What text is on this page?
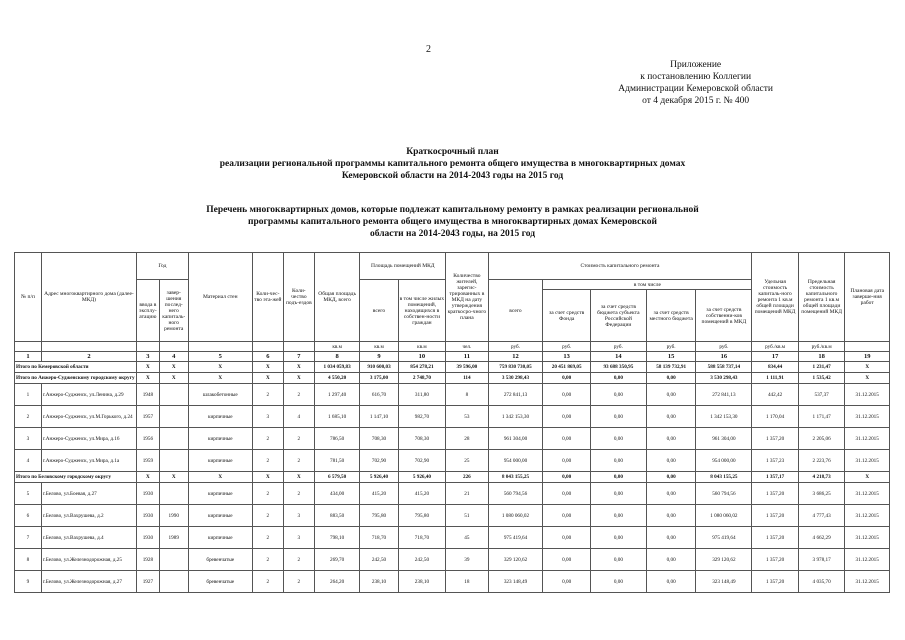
2
Приложение
к постановлению Коллегии
Администрации Кемеровской области
от 4 декабря 2015 г. № 400
Краткосрочный план
реализации региональной программы капитального ремонта общего имущества в многоквартирных домах
Кемеровской области на 2014-2043 годы на 2015 год
Перечень многоквартирных домов, которые подлежат капитальному ремонту в рамках реализации региональной
программы капитального ремонта общего имущества в многоквартирных домах Кемеровской
области на 2014-2043 годы, на 2015 год
№ п/п	Адрес многоквартирного дома (далее-МКД)	Год		Материал стен	Коли-чес-тво эта-жей	Коли-чество подъ-ездов	Общая площадь МКД, всего	Площадь помещений МКД		Количество жителей, зарегис-трированных в МКД на дату утверждения краткосро-чного плана	Стоимость капитального ремонта					Удельная стоимость капиталь-ного ремонта 1 кв.м общей площади помещений МКД	Предельная стоимость капитального ремонта 1 кв.м общей площади помещений МКД	Плановая дата заверше-ния работ
		ввода в эксплу-атацию	завер-шения послед-него капиталь-ного ремонта					всего	в том числе жилых помещений, находящихся в собствен-ности граждан		всего	в том числе						
												за счет средств Фонда	за счет средств бюджета субъекта Российской Федерации	за счет средств местного бюджета	за счет средств собственни-ков помещений в МКД			
							кв.м	кв.м	кв.м	чел.	руб.	руб.	руб.	руб.	руб.	руб./кв.м	руб./кв.м	
1	2	3	4	5	6	7	8	9	10	11	12	13	14	15	16	17	18	19
Итого по Кемеровской области		X	X	X	X	X	1 034 059,83	910 600,03	854 278,21	39 596,00	759 830 730,05	20 451 869,05	93 688 350,95	58 139 732,91	588 558 737,14	834,44	1 231,47	X
Итого по Анжеро-Судженскому городскому округу		X	X	X	X	X	4 550,20	3 175,00	2 748,70	114	3 530 298,43	0,00	0,00	0,00	3 530 298,43	1 111,91	1 535,42	X
1	г.Анжеро-Судженск, ул.Ленина, д.29	1948		шлакобетонные	2	2	1 297,40	616,70	311,80	8	272 841,13	0,00	0,00	0,00	272 841,13	442,42	537,37	31.12.2015
2	г.Анжеро-Судженск, ул.М.Горького, д.24	1957		кирпичные	3	4	1 685,10	1 147,10	982,70	53	1 342 153,30	0,00	0,00	0,00	1 342 153,30	1 170,04	1 171,47	31.12.2015
3	г.Анжеро-Судженск, ул.Мира, д.16	1956		кирпичные	2	2	786,50	708,30	708,30	28	961 304,00	0,00	0,00	0,00	961 304,00	1 357,20	2 205,06	31.12.2015
4	г.Анжеро-Судженск, ул.Мира, д.1а	1959		кирпичные	2	2	781,50	702,90	702,90	25	954 000,00	0,00	0,00	0,00	954 000,00	1 357,23	2 223,76	31.12.2015
Итого по Беловскому городскому округу		X	X	X	X	X	6 579,50	5 926,40	5 926,40	226	8 043 155,25	0,00	0,00	0,00	8 043 155,25	1 357,17	4 218,73	X
5	г.Белово, ул.Боевая, д.27	1930		кирпичные	2	2	434,00	415,20	415,20	21	560 794,56	0,00	0,00	0,00	560 794,56	1 357,20	3 686,25	31.12.2015
6	г.Белово, ул.Вахрушева, д.2	1930	1990	кирпичные	2	3	883,50	795,80	795,80	51	1 080 060,02	0,00	0,00	0,00	1 080 060,02	1 357,20	4 777,43	31.12.2015
7	г.Белово, ул.Вахрушева, д.4	1930	1989	кирпичные	2	3	798,10	718,70	718,70	45	975 419,64	0,00	0,00	0,00	975 419,64	1 357,20	4 662,29	31.12.2015
8	г.Белово, ул.Железнодорожная, д.25	1928		бревенчатые	2	2	269,70	242,50	242,50	39	329 120,62	0,00	0,00	0,00	329 120,62	1 357,20	3 978,17	31.12.2015
9	г.Белово, ул.Железнодорожная, д.27	1927		бревенчатые	2	2	264,20	238,10	238,10	18	323 148,49	0,00	0,00	0,00	323 148,49	1 357,20	4 035,70	31.12.2015
